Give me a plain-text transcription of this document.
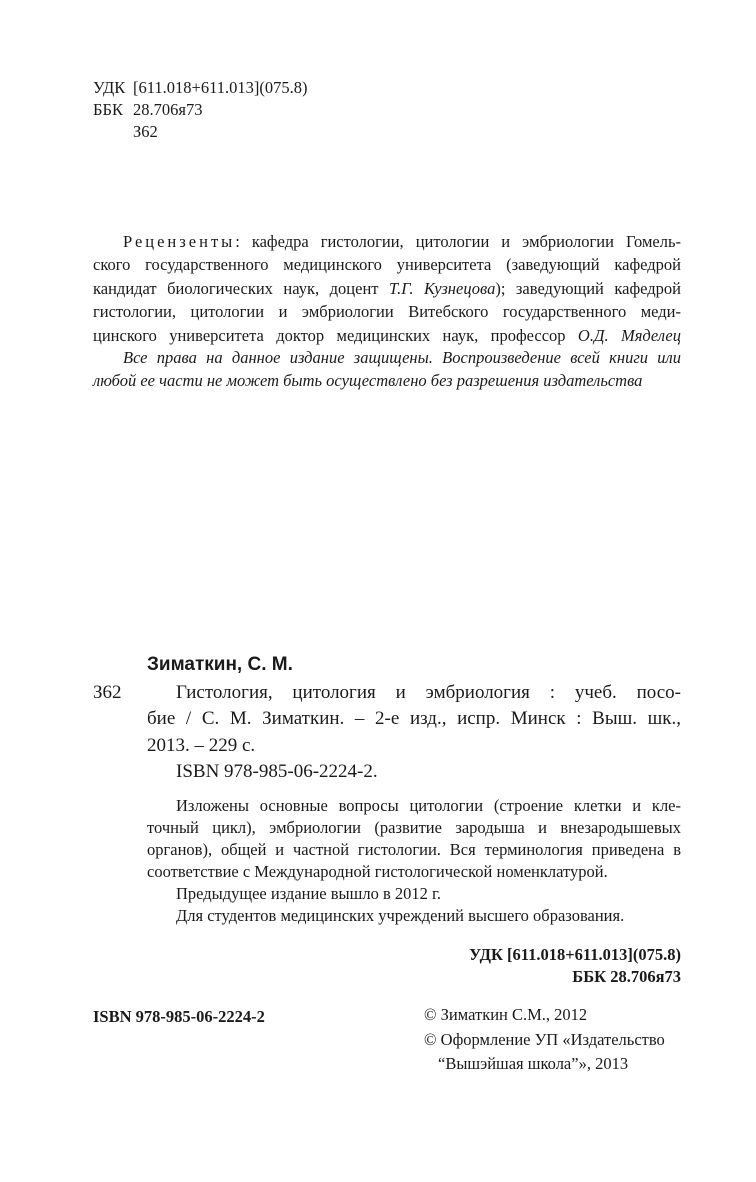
УДК [611.018+611.013](075.8)
ББК 28.706я73
З62
Рецензенты: кафедра гистологии, цитологии и эмбриологии Гомель-
ского государственного медицинского университета (заведующий кафедрой
кандидат биологических наук, доцент Т.Г. Кузнецова); заведующий кафедрой
гистологии, цитологии и эмбриологии Витебского государственного меди-
цинского университета доктор медицинских наук, профессор О.Д. Мяделец
Все права на данное издание защищены. Воспроизведение всей книги или
любой ее части не может быть осуществлено без разрешения издательства
Зиматкин, С. М.
З62	Гистология, цитология и эмбриология : учеб. посо-
бие / С. М. Зиматкин. – 2-е изд., испр. Минск : Выш. шк.,
2013. – 229 с.
ISBN 978-985-06-2224-2.
Изложены основные вопросы цитологии (строение клетки и кле-
точный цикл), эмбриологии (развитие зародыша и внезародышевых
органов), общей и частной гистологии. Вся терминология приведена в
соответствие с Международной гистологической номенклатурой.
Предыдущее издание вышло в 2012 г.
Для студентов медицинских учреждений высшего образования.
УДК [611.018+611.013](075.8)
ББК 28.706я73
ISBN 978-985-06-2224-2	© Зиматкин С.М., 2012
© Оформление УП «Издательство
“Вышэйшая школа”», 2013
